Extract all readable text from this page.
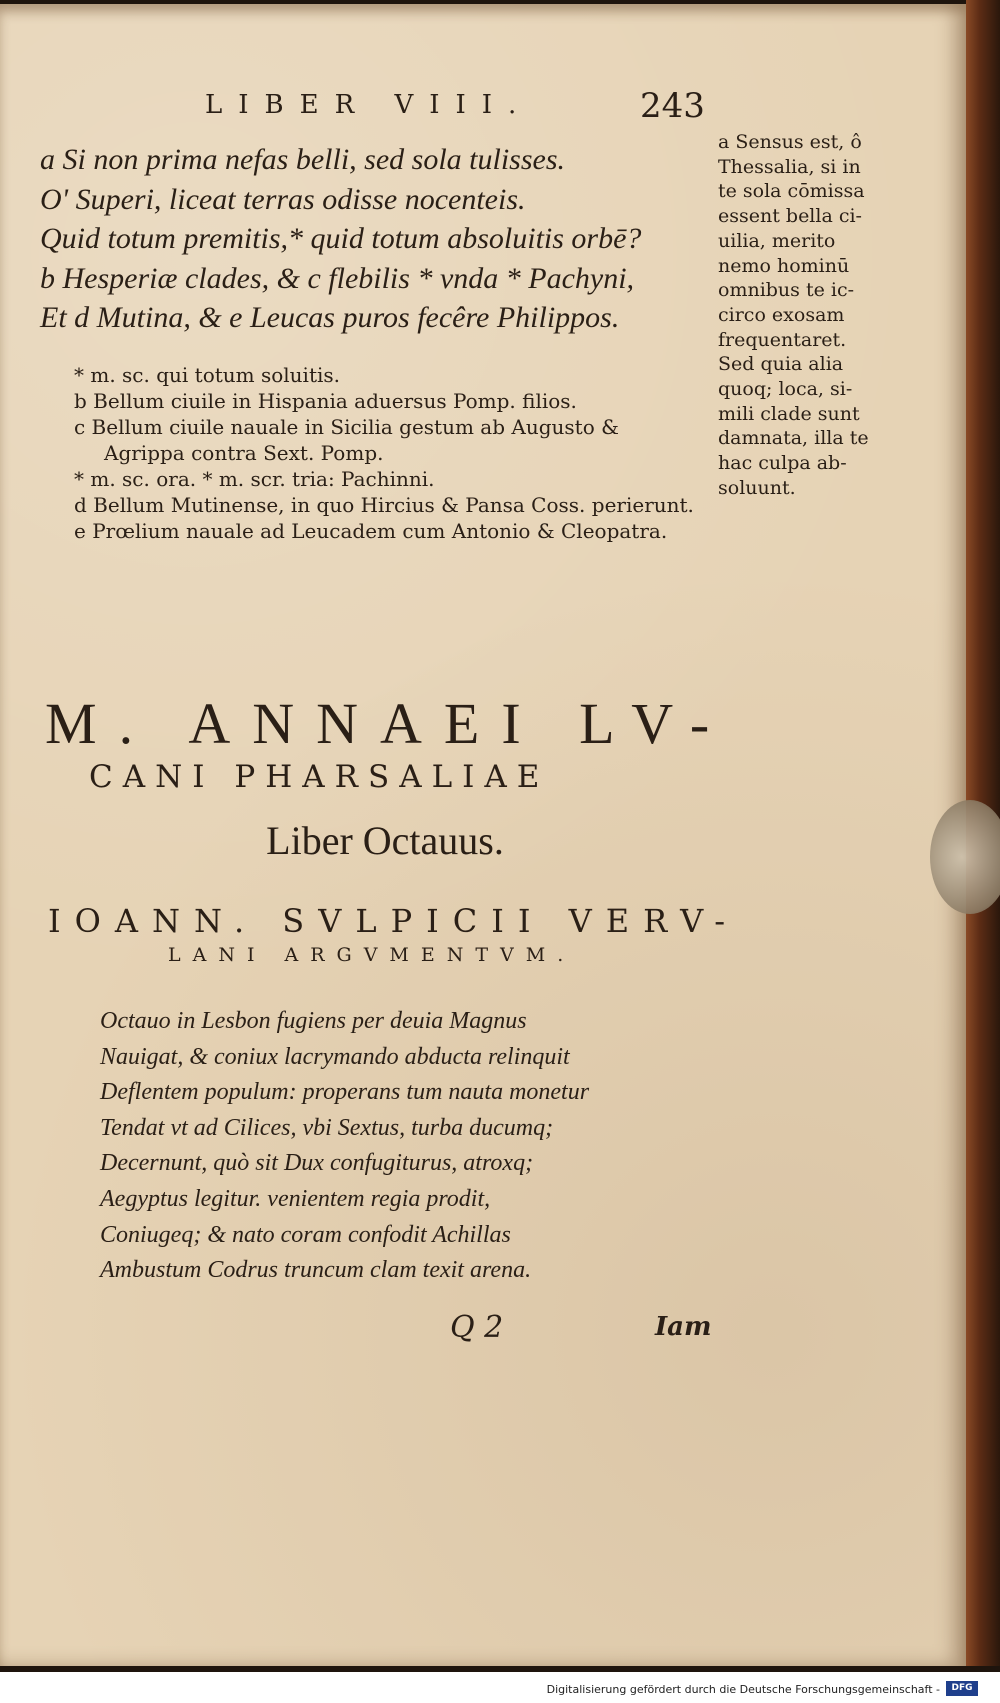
LIBER VIII.	243
a Si non prima nefas belli, sed sola tulisses.
O' Superi, liceat terras odisse nocenteis.
Quid totum premitis,* quid totum absoluitis orbē?
b Hesperiæ clades, & c flebilis * vnda * Pachyni,
Et d Mutina, & e Leucas puros fecêre Philippos.
a Sensus est, ô
Thessalia, si in
te sola cōmissa
essent bella ci-
uilia, merito
nemo hominū
omnibus te ic-
circo exosam
frequentaret.
Sed quia alia
quoq; loca, si-
mili clade sunt
damnata, illa te
hac culpa ab-
soluunt.
* m. sc. qui totum soluitis.
b Bellum ciuile in Hispania aduersus Pomp. filios.
c Bellum ciuile nauale in Sicilia gestum ab Augusto & Agrippa contra Sext. Pomp.
* m. sc. ora. * m. scr. tria: Pachinni.
d Bellum Mutinense, in quo Hircius & Pansa Coss. perierunt.
e Prœlium nauale ad Leucadem cum Antonio & Cleopatra.
M. ANNAEI LV-
CANI PHARSALIAE
Liber Octauus.
IOANN. SVLPICII VERV-
LANI ARGVMENTVM.
Octauo in Lesbon fugiens per deuia Magnus
Nauigat, & coniux lacrymando abducta relinquit
Deflentem populum: properans tum nauta monetur
Tendat vt ad Cilices, vbi Sextus, turba ducumq;
Decernunt, quò sit Dux confugiturus, atroxq;
Aegyptus legitur. venientem regia prodit,
Coniugeq; & nato coram confodit Achillas
Ambustum Codrus truncum clam texit arena.
Q 2	Iam
Digitalisierung gefördert durch die Deutsche Forschungsgemeinschaft -	DFG
